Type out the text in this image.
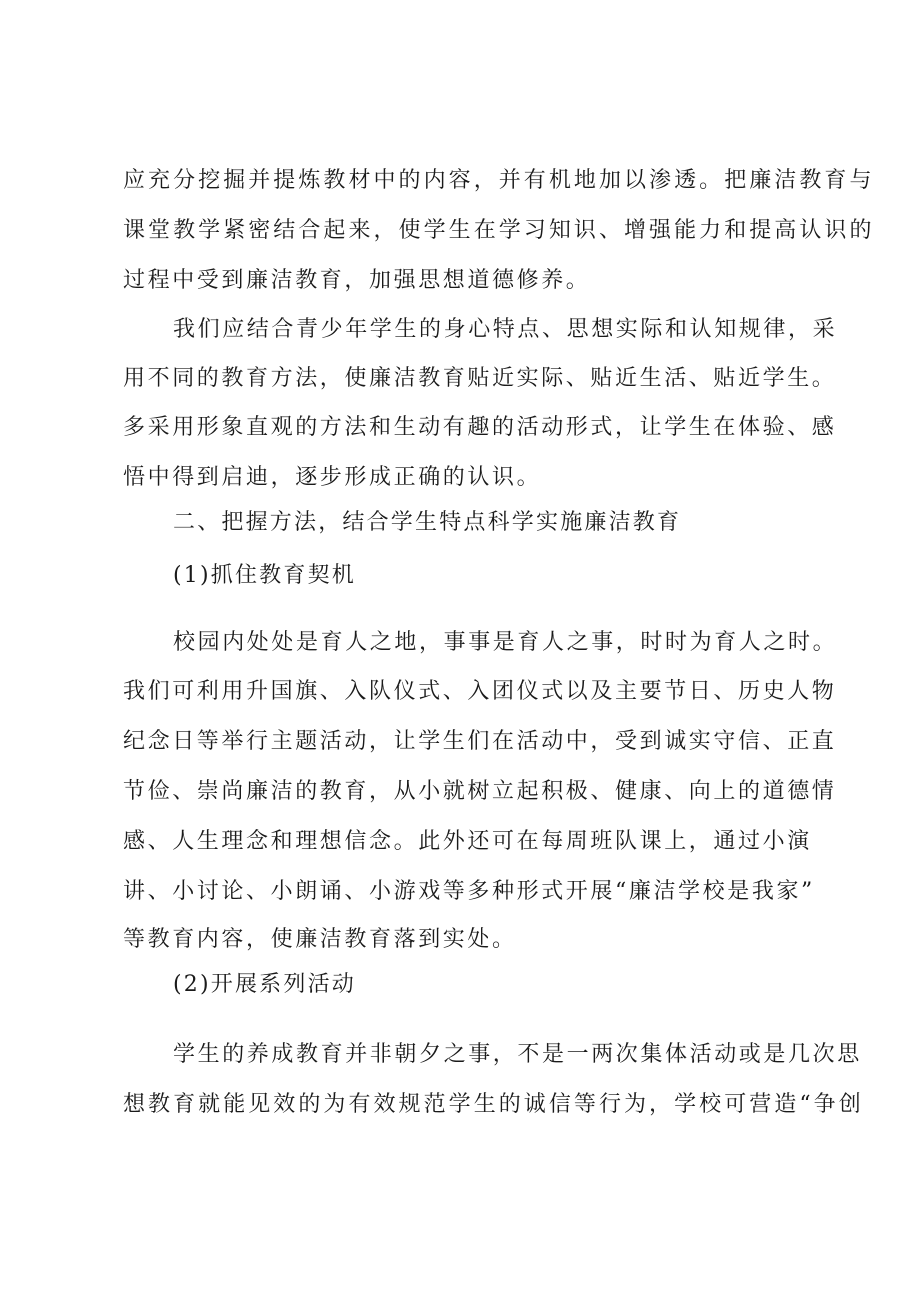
应充分挖掘并提炼教材中的内容，并有机地加以渗透。把廉洁教育与
课堂教学紧密结合起来，使学生在学习知识、增强能力和提高认识的
过程中受到廉洁教育，加强思想道德修养。
我们应结合青少年学生的身心特点、思想实际和认知规律，采
用不同的教育方法，使廉洁教育贴近实际、贴近生活、贴近学生。
多采用形象直观的方法和生动有趣的活动形式，让学生在体验、感
悟中得到启迪，逐步形成正确的认识。
二、把握方法，结合学生特点科学实施廉洁教育
(1)抓住教育契机
校园内处处是育人之地，事事是育人之事，时时为育人之时。
我们可利用升国旗、入队仪式、入团仪式以及主要节日、历史人物
纪念日等举行主题活动，让学生们在活动中，受到诚实守信、正直
节俭、崇尚廉洁的教育，从小就树立起积极、健康、向上的道德情
感、人生理念和理想信念。此外还可在每周班队课上，通过小演
讲、小讨论、小朗诵、小游戏等多种形式开展“廉洁学校是我家”
等教育内容，使廉洁教育落到实处。
(2)开展系列活动
学生的养成教育并非朝夕之事，不是一两次集体活动或是几次思
想教育就能见效的为有效规范学生的诚信等行为，学校可营造“争创
